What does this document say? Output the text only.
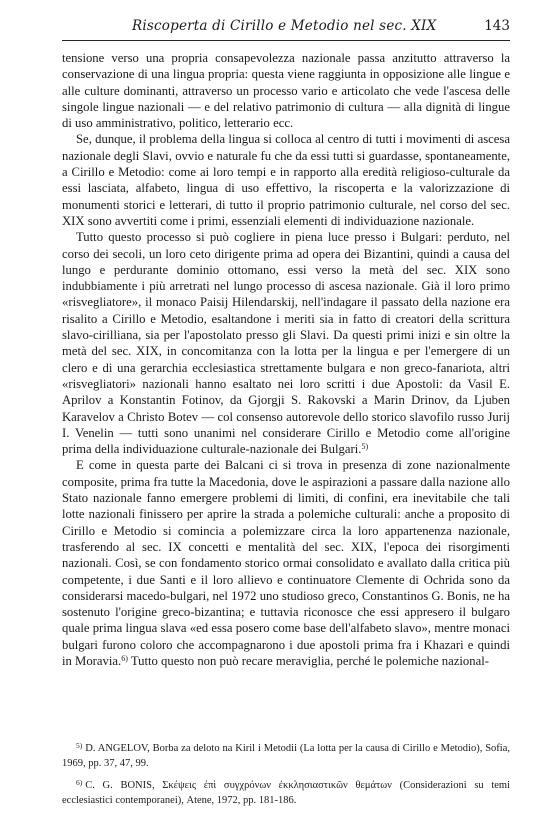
Riscoperta di Cirillo e Metodio nel sec. XIX	143

tensione verso una propria consapevolezza nazionale passa anzitutto attraverso la conservazione di una lingua propria: questa viene raggiunta in opposizione alle lingue e alle culture dominanti, attraverso un processo vario e articolato che vede l'ascesa delle singole lingue nazionali — e del relativo patrimonio di cultura — alla dignità di lingue di uso amministrativo, politico, letterario ecc.

Se, dunque, il problema della lingua si colloca al centro di tutti i movimenti di ascesa nazionale degli Slavi, ovvio e naturale fu che da essi tutti si guardasse, spontaneamente, a Cirillo e Metodio: come ai loro tempi e in rapporto alla eredità religioso-culturale da essi lasciata, alfabeto, lingua di uso effettivo, la riscoperta e la valorizzazione di monumenti storici e letterari, di tutto il proprio patrimonio culturale, nel corso del sec. XIX sono avvertiti come i primi, essenziali elementi di individuazione nazionale.

Tutto questo processo si può cogliere in piena luce presso i Bulgari: perduto, nel corso dei secoli, un loro ceto dirigente prima ad opera dei Bizantini, quindi a causa del lungo e perdurante dominio ottomano, essi verso la metà del sec. XIX sono indubbiamente i più arretrati nel lungo processo di ascesa nazionale. Già il loro primo «risvegliatore», il monaco Paisij Hilendarskij, nell'indagare il passato della nazione era risalito a Cirillo e Metodio, esaltandone i meriti sia in fatto di creatori della scrittura slavo-cirilliana, sia per l'apostolato presso gli Slavi. Da questi primi inizi e sin oltre la metà del sec. XIX, in concomitanza con la lotta per la lingua e per l'emergere di un clero e di una gerarchia ecclesiastica strettamente bulgara e non greco-fanariota, altri «risvegliatori» nazionali hanno esaltato nei loro scritti i due Apostoli: da Vasil E. Aprilov a Konstantin Fotinov, da Gjorgji S. Rakovski a Marin Drinov, da Ljuben Karavelov a Christo Botev — col consenso autorevole dello storico slavofilo russo Jurij I. Venelin — tutti sono unanimi nel considerare Cirillo e Metodio come all'origine prima della individuazione culturale-nazionale dei Bulgari.$^{5)}$

E come in questa parte dei Balcani ci si trova in presenza di zone nazionalmente composite, prima fra tutte la Macedonia, dove le aspirazioni a passare dalla nazione allo Stato nazionale fanno emergere problemi di limiti, di confini, era inevitabile che tali lotte nazionali finissero per aprire la strada a polemiche culturali: anche a proposito di Cirillo e Metodio si comincia a polemizzare circa la loro appartenenza nazionale, trasferendo al sec. IX concetti e mentalità del sec. XIX, l'epoca dei risorgimenti nazionali. Così, se con fondamento storico ormai consolidato e avallato dalla critica più competente, i due Santi e il loro allievo e continuatore Clemente di Ochrida sono da considerarsi macedo-bulgari, nel 1972 uno studioso greco, Constantinos G. Bonis, ne ha sostenuto l'origine greco-bizantina; e tuttavia riconosce che essi appresero il bulgaro quale prima lingua slava «ed essa posero come base dell'alfabeto slavo», mentre monaci bulgari furono coloro che accompagnarono i due apostoli prima fra i Khazari e quindi in Moravia.$^{6)}$ Tutto questo non può recare meraviglia, perché le polemiche nazional-

$^{5)}$ D. ANGELOV, Borba za deloto na Kiril i Metodii (La lotta per la causa di Cirillo e Metodio), Sofia, 1969, pp. 37, 47, 99.

$^{6)}$ C. G. BONIS, Σκέψεις ἐπὶ συγχρόνων ἐκκλησιαστικῶν θεμάτων (Considerazioni su temi ecclesiastici contemporanei), Atene, 1972, pp. 181-186.
